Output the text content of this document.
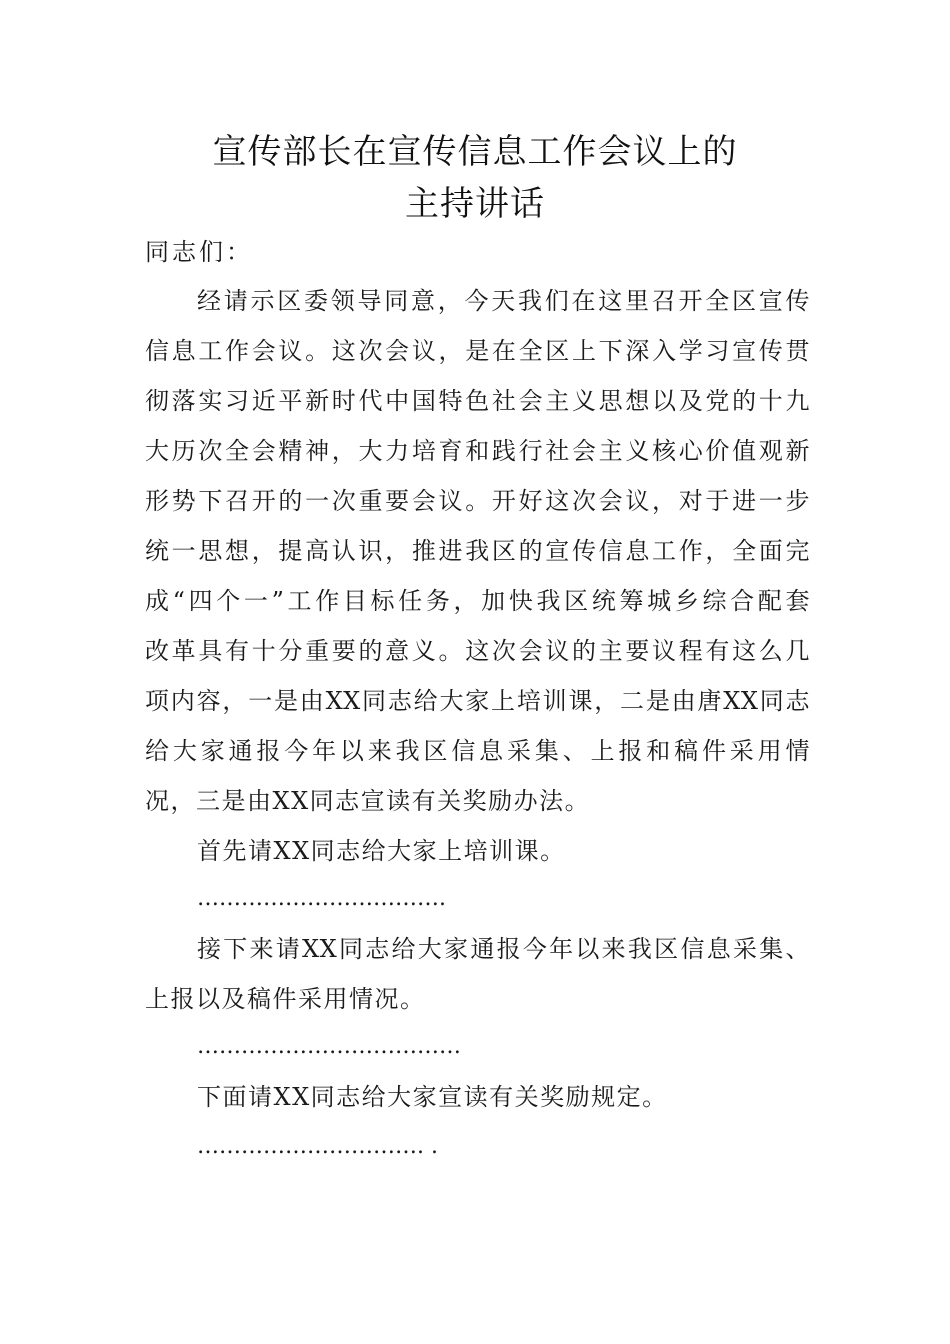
宣传部长在宣传信息工作会议上的
主持讲话
同志们：
经请示区委领导同意，今天我们在这里召开全区宣传
信息工作会议。这次会议，是在全区上下深入学习宣传贯
彻落实习近平新时代中国特色社会主义思想以及党的十九
大历次全会精神，大力培育和践行社会主义核心价值观新
形势下召开的一次重要会议。开好这次会议，对于进一步
统一思想，提高认识，推进我区的宣传信息工作，全面完
成“四个一”工作目标任务，加快我区统筹城乡综合配套
改革具有十分重要的意义。这次会议的主要议程有这么几
项内容，一是由XX同志给大家上培训课，二是由唐XX同志
给大家通报今年以来我区信息采集、上报和稿件采用情
况，三是由XX同志宣读有关奖励办法。
首先请XX同志给大家上培训课。
…………………………….
接下来请XX同志给大家通报今年以来我区信息采集、
上报以及稿件采用情况。
………………………………
下面请XX同志给大家宣读有关奖励规定。
…………………………. .
